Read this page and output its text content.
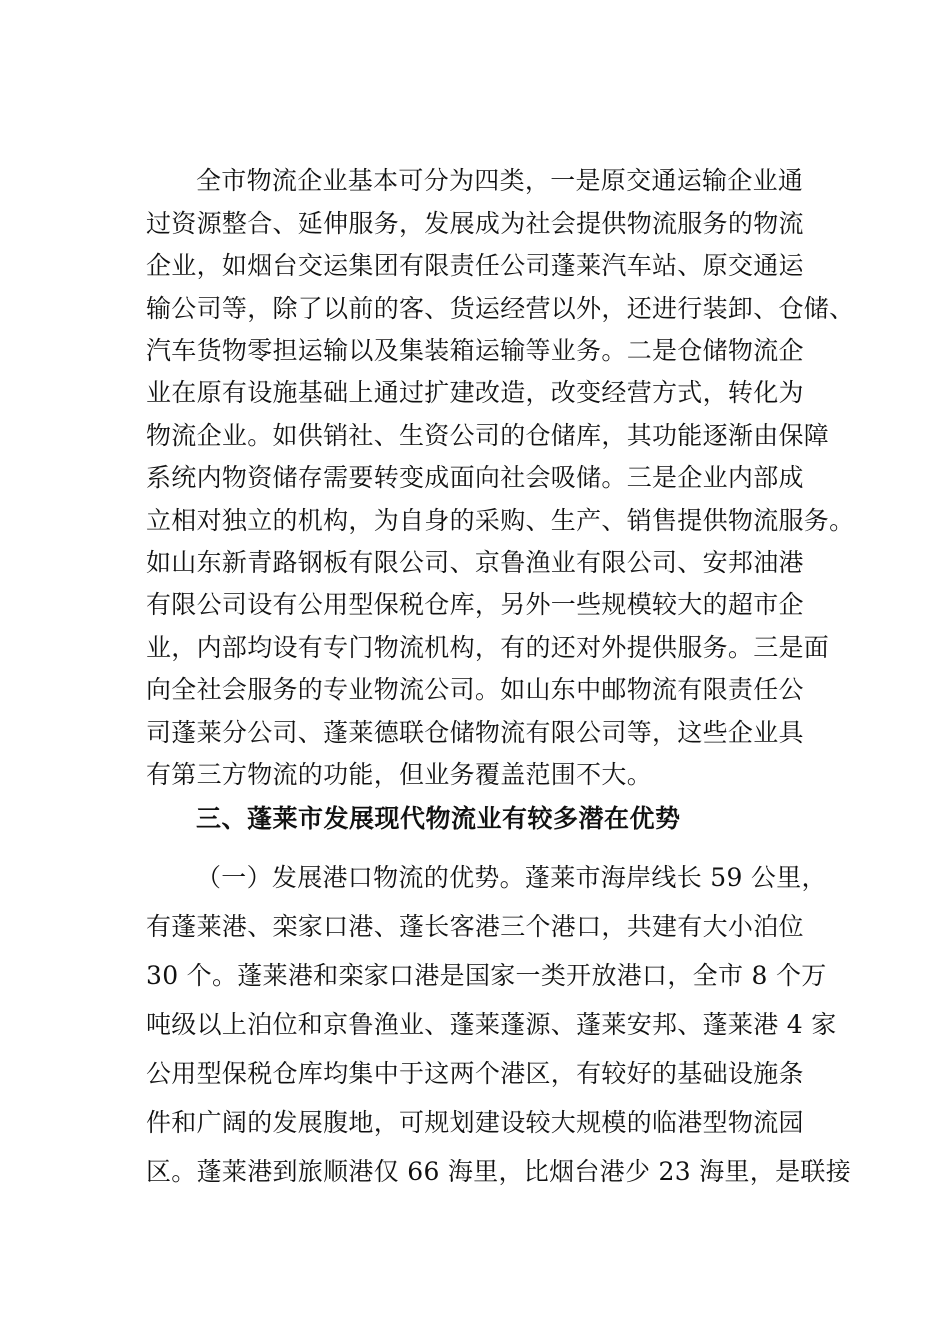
全市物流企业基本可分为四类，一是原交通运输企业通
过资源整合、延伸服务，发展成为社会提供物流服务的物流
企业，如烟台交运集团有限责任公司蓬莱汽车站、原交通运
输公司等，除了以前的客、货运经营以外，还进行装卸、仓储、
汽车货物零担运输以及集装箱运输等业务。二是仓储物流企
业在原有设施基础上通过扩建改造，改变经营方式，转化为
物流企业。如供销社、生资公司的仓储库，其功能逐渐由保障
系统内物资储存需要转变成面向社会吸储。三是企业内部成
立相对独立的机构，为自身的采购、生产、销售提供物流服务。
如山东新青路钢板有限公司、京鲁渔业有限公司、安邦油港
有限公司设有公用型保税仓库，另外一些规模较大的超市企
业，内部均设有专门物流机构，有的还对外提供服务。三是面
向全社会服务的专业物流公司。如山东中邮物流有限责任公
司蓬莱分公司、蓬莱德联仓储物流有限公司等，这些企业具
有第三方物流的功能，但业务覆盖范围不大。
三、蓬莱市发展现代物流业有较多潜在优势
（一）发展港口物流的优势。蓬莱市海岸线长 59 公里，
有蓬莱港、栾家口港、蓬长客港三个港口，共建有大小泊位
30 个。蓬莱港和栾家口港是国家一类开放港口，全市 8 个万
吨级以上泊位和京鲁渔业、蓬莱蓬源、蓬莱安邦、蓬莱港 4 家
公用型保税仓库均集中于这两个港区，有较好的基础设施条
件和广阔的发展腹地，可规划建设较大规模的临港型物流园
区。蓬莱港到旅顺港仅 66 海里，比烟台港少 23 海里，是联接
